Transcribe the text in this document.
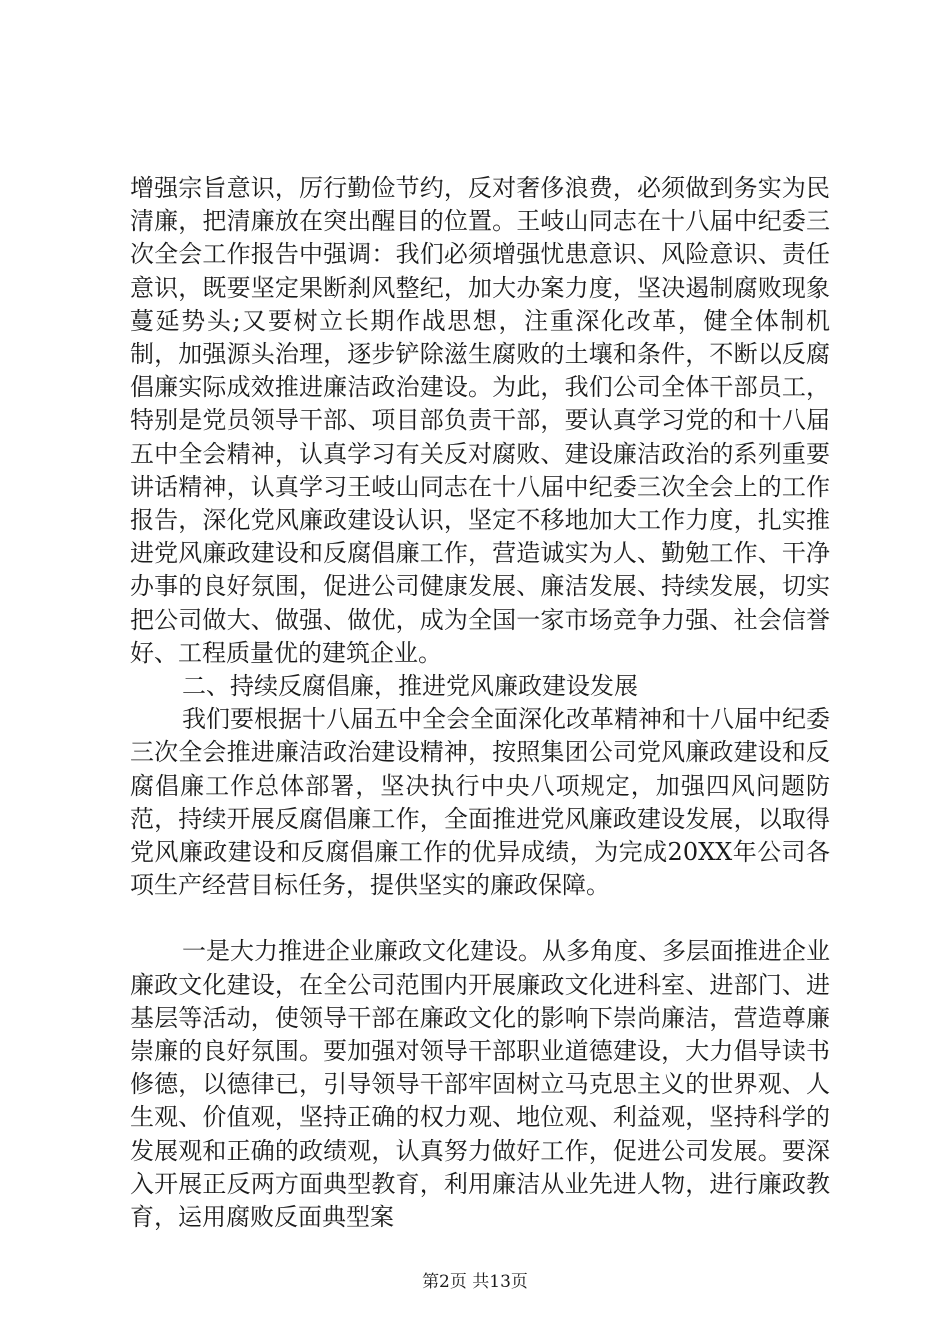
增强宗旨意识，厉行勤俭节约，反对奢侈浪费，必须做到务实为民清廉，把清廉放在突出醒目的位置。王岐山同志在十八届中纪委三次全会工作报告中强调：我们必须增强忧患意识、风险意识、责任意识，既要坚定果断刹风整纪，加大办案力度，坚决遏制腐败现象蔓延势头;又要树立长期作战思想，注重深化改革，健全体制机制，加强源头治理，逐步铲除滋生腐败的土壤和条件，不断以反腐倡廉实际成效推进廉洁政治建设。为此，我们公司全体干部员工，特别是党员领导干部、项目部负责干部，要认真学习党的和十八届五中全会精神，认真学习有关反对腐败、建设廉洁政治的系列重要讲话精神，认真学习王岐山同志在十八届中纪委三次全会上的工作报告，深化党风廉政建设认识，坚定不移地加大工作力度，扎实推进党风廉政建设和反腐倡廉工作，营造诚实为人、勤勉工作、干净办事的良好氛围，促进公司健康发展、廉洁发展、持续发展，切实把公司做大、做强、做优，成为全国一家市场竞争力强、社会信誉好、工程质量优的建筑企业。

二、持续反腐倡廉，推进党风廉政建设发展

我们要根据十八届五中全会全面深化改革精神和十八届中纪委三次全会推进廉洁政治建设精神，按照集团公司党风廉政建设和反腐倡廉工作总体部署，坚决执行中央八项规定，加强四风问题防范，持续开展反腐倡廉工作，全面推进党风廉政建设发展，以取得党风廉政建设和反腐倡廉工作的优异成绩，为完成20XX年公司各项生产经营目标任务，提供坚实的廉政保障。

一是大力推进企业廉政文化建设。从多角度、多层面推进企业廉政文化建设，在全公司范围内开展廉政文化进科室、进部门、进基层等活动，使领导干部在廉政文化的影响下崇尚廉洁，营造尊廉崇廉的良好氛围。要加强对领导干部职业道德建设，大力倡导读书修德，以德律已，引导领导干部牢固树立马克思主义的世界观、人生观、价值观，坚持正确的权力观、地位观、利益观，坚持科学的发展观和正确的政绩观，认真努力做好工作，促进公司发展。要深入开展正反两方面典型教育，利用廉洁从业先进人物，进行廉政教育，运用腐败反面典型案

第2页 共13页
